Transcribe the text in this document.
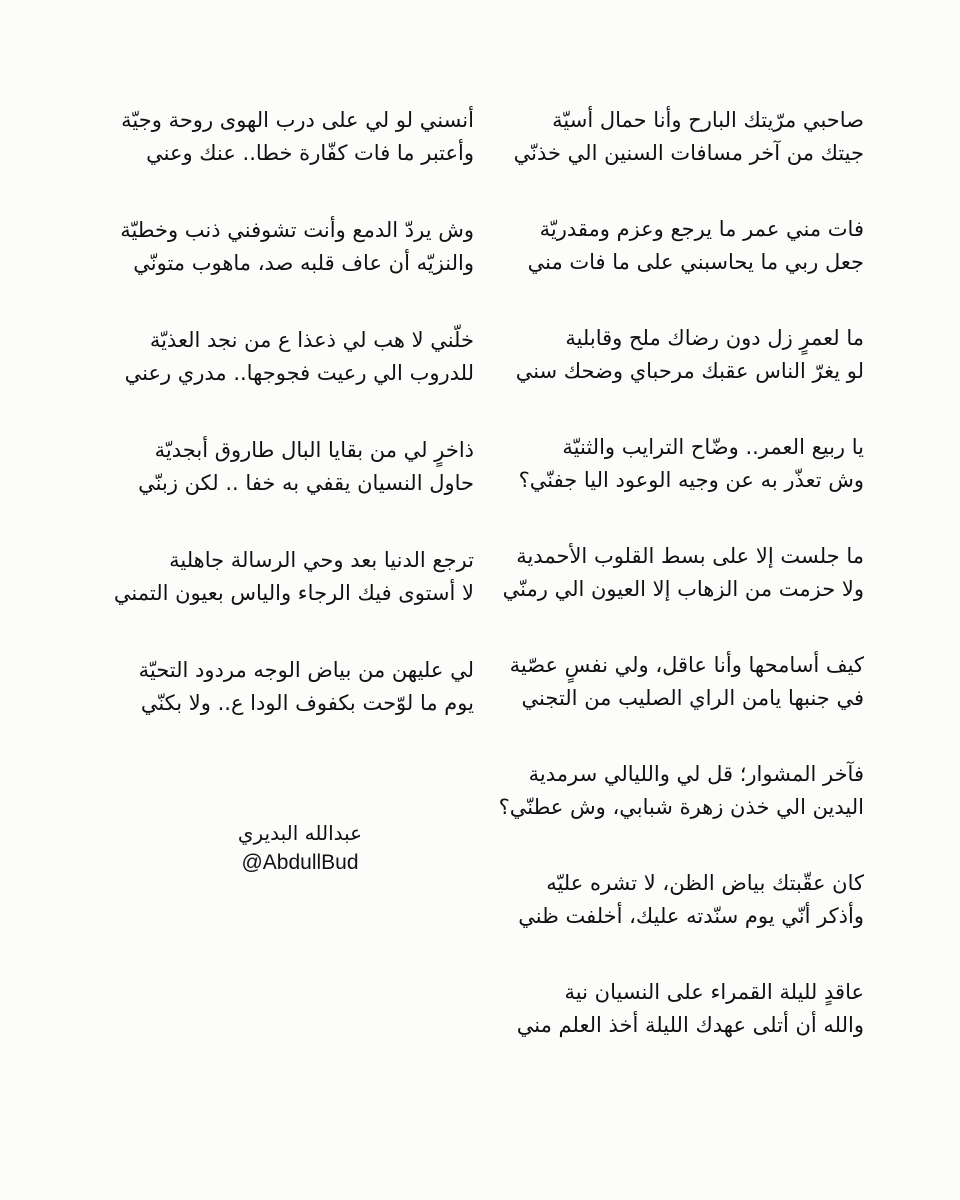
صاحبي مرّيتك البارح وأنا حمال أسيّة
جيتك من آخر مسافات السنين الي خذنّي
فات مني عمر ما يرجع وعزم ومقدريّة
جعل ربي ما يحاسبني على ما فات مني
ما لعمرٍ زل دون رضاك ملح وقابلية
لو يغرّ الناس عقبك مرحباي وضحك سني
يا ربيع العمر.. وضّاح الترايب والثنيّة
وش تعذّر به عن وجيه الوعود اليا جفنّي؟
ما جلست إلا على بسط القلوب الأحمدية
ولا حزمت من الزهاب إلا العيون الي رمنّي
كيف أسامحها وأنا عاقل، ولي نفسٍ عصّية
في جنبها يامن الراي الصليب من التجني
فآخر المشوار؛ قل لي والليالي سرمدية
اليدين الي خذن زهرة شبابي، وش عطنّي؟
كان عقّبتك بياض الظن، لا تشره عليّه
وأذكر أنّي يوم سنّدته عليك، أخلفت ظني
عاقدٍ لليلة القمراء على النسيان نية
والله أن أتلى عهدك الليلة أخذ العلم مني
أنسني لو لي على درب الهوى روحة وجيّة
وأعتبر ما فات كفّارة خطا.. عنك وعني
وش يردّ الدمع وأنت تشوفني ذنب وخطيّة
والنزيّه أن عاف قلبه صد، ماهوب متونّي
خلّني لا هب لي ذعذا ع من نجد العذيّة
للدروب الي رعيت فجوجها.. مدري رعني
ذاخرٍ لي من بقايا البال طاروق أبجديّة
حاول النسيان يقفي به خفا .. لكن زبنّي
ترجع الدنيا بعد وحي الرسالة جاهلية
لا أستوى فيك الرجاء والياس بعيون التمني
لي عليهن من بياض الوجه مردود التحيّة
يوم ما لوّحت بكفوف الودا ع.. ولا بكنّي
عبدالله البديري
@AbdullBud
